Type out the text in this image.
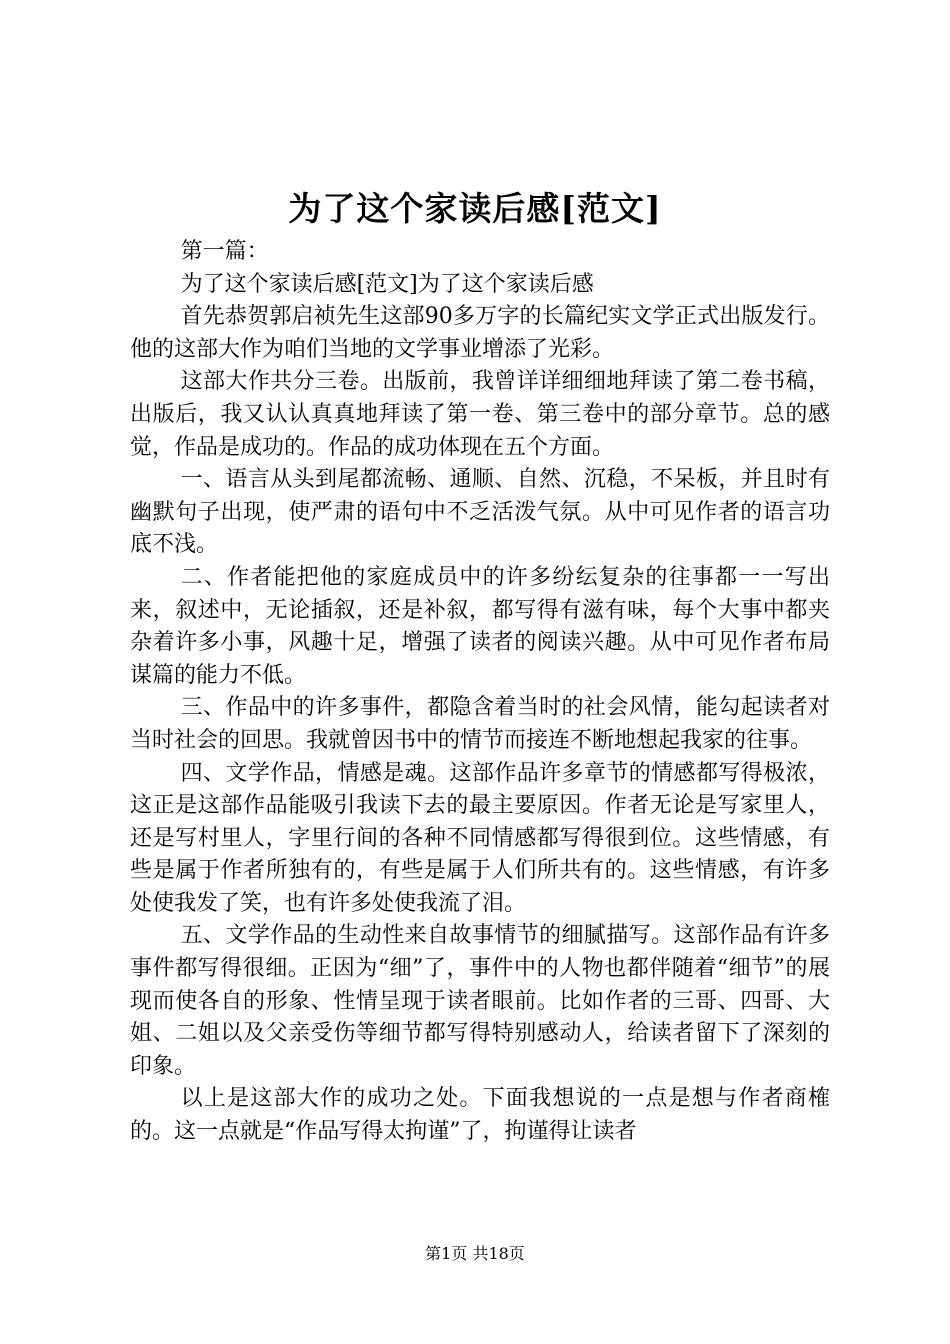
为了这个家读后感[范文]

第一篇：

为了这个家读后感[范文]为了这个家读后感

首先恭贺郭启祯先生这部90多万字的长篇纪实文学正式出版发行。他的这部大作为咱们当地的文学事业增添了光彩。

这部大作共分三卷。出版前，我曾详详细细地拜读了第二卷书稿，出版后，我又认认真真地拜读了第一卷、第三卷中的部分章节。总的感觉，作品是成功的。作品的成功体现在五个方面。

一、语言从头到尾都流畅、通顺、自然、沉稳，不呆板，并且时有幽默句子出现，使严肃的语句中不乏活泼气氛。从中可见作者的语言功底不浅。

二、作者能把他的家庭成员中的许多纷纭复杂的往事都一一写出来，叙述中，无论插叙，还是补叙，都写得有滋有味，每个大事中都夹杂着许多小事，风趣十足，增强了读者的阅读兴趣。从中可见作者布局谋篇的能力不低。

三、作品中的许多事件，都隐含着当时的社会风情，能勾起读者对当时社会的回思。我就曾因书中的情节而接连不断地想起我家的往事。

四、文学作品，情感是魂。这部作品许多章节的情感都写得极浓，这正是这部作品能吸引我读下去的最主要原因。作者无论是写家里人，还是写村里人，字里行间的各种不同情感都写得很到位。这些情感，有些是属于作者所独有的，有些是属于人们所共有的。这些情感，有许多处使我发了笑，也有许多处使我流了泪。

五、文学作品的生动性来自故事情节的细腻描写。这部作品有许多事件都写得很细。正因为“细”了，事件中的人物也都伴随着“细节”的展现而使各自的形象、性情呈现于读者眼前。比如作者的三哥、四哥、大姐、二姐以及父亲受伤等细节都写得特别感动人，给读者留下了深刻的印象。

以上是这部大作的成功之处。下面我想说的一点是想与作者商榷的。这一点就是“作品写得太拘谨”了，拘谨得让读者

第1页 共18页
